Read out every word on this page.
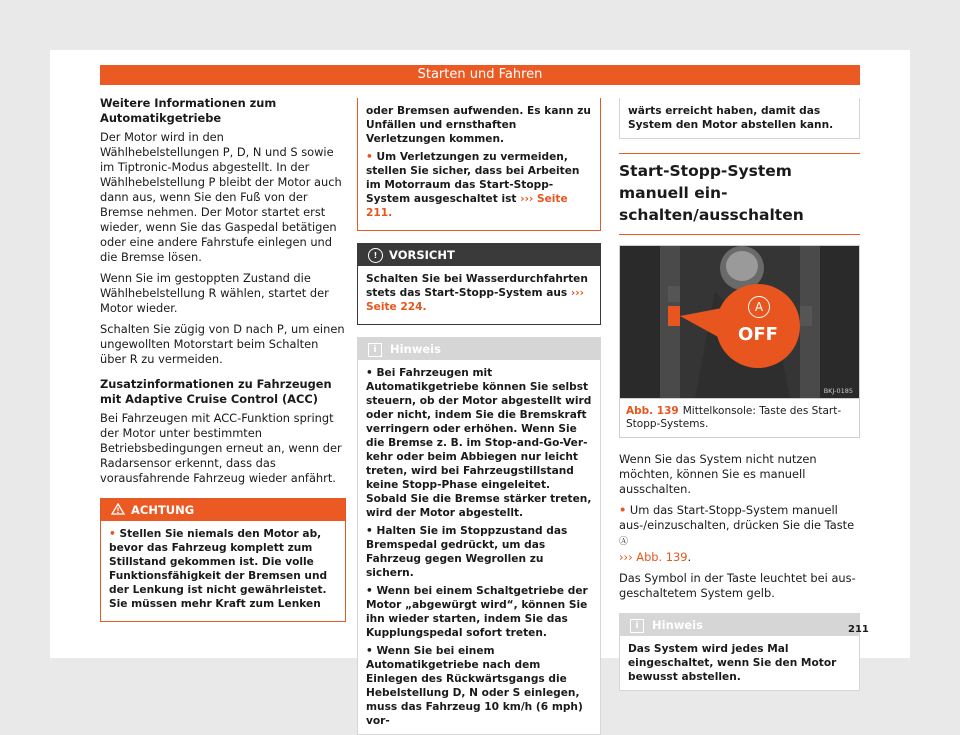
Starten und Fahren
Weitere Informationen zum Automatikgetriebe

Der Motor wird in den Wählhebelstellungen P, D, N und S sowie im Tiptronic-Modus abgestellt. In der Wählhebelstellung P bleibt der Motor auch dann aus, wenn Sie den Fuß von der Bremse nehmen. Der Motor startet erst wieder, wenn Sie das Gaspedal betätigen oder eine andere Fahrstufe einlegen und die Bremse lösen.

Wenn Sie im gestoppten Zustand die Wählhebelstellung R wählen, startet der Motor wieder.

Schalten Sie zügig von D nach P, um einen ungewollten Motorstart beim Schalten über R zu vermeiden.

Zusatzinformationen zu Fahrzeugen mit Adaptive Cruise Control (ACC)

Bei Fahrzeugen mit ACC-Funktion springt der Motor unter bestimmten Betriebsbedingungen erneut an, wenn der Radarsensor erkennt, dass das vorausfahrende Fahrzeug wieder anfährt.

ACHTUNG

• Stellen Sie niemals den Motor ab, bevor das Fahrzeug komplett zum Stillstand gekommen ist. Die volle Funktionsfähigkeit der Bremsen und der Lenkung ist nicht gewährleistet. Sie müssen mehr Kraft zum Lenken

oder Bremsen aufwenden. Es kann zu Unfällen und ernsthaften Verletzungen kommen.

• Um Verletzungen zu vermeiden, stellen Sie sicher, dass bei Arbeiten im Motorraum das Start-Stopp-System ausgeschaltet ist ››› Seite 211.

! VORSICHT

Schalten Sie bei Wasserdurchfahrten stets das Start-Stopp-System aus ››› Seite 224.

i Hinweis

• Bei Fahrzeugen mit Automatikgetriebe können Sie selbst steuern, ob der Motor abgestellt wird oder nicht, indem Sie die Bremskraft verringern oder erhöhen. Wenn Sie die Bremse z. B. im Stop-and-Go-Verkehr oder beim Abbiegen nur leicht treten, wird bei Fahrzeugstillstand keine Stopp-Phase eingeleitet. Sobald Sie die Bremse stärker treten, wird der Motor abgestellt.

• Halten Sie im Stoppzustand das Bremspedal gedrückt, um das Fahrzeug gegen Wegrollen zu sichern.

• Wenn bei einem Schaltgetriebe der Motor „abgewürgt wird“, können Sie ihn wieder starten, indem Sie das Kupplungspedal sofort treten.

• Wenn Sie bei einem Automatikgetriebe nach dem Einlegen des Rückwärtsgangs die Hebelstellung D, N oder S einlegen, muss das Fahrzeug 10 km/h (6 mph) vor-

wärts erreicht haben, damit das System den Motor abstellen kann.

Start-Stopp-System manuell einschalten/ausschalten
A
OFF
BKJ-0185
Abb. 139 Mittelkonsole: Taste des Start-Stopp-Systems.

Wenn Sie das System nicht nutzen möchten, können Sie es manuell ausschalten.

• Um das Start-Stopp-System manuell aus-/einzuschalten, drücken Sie die Taste Ⓐ
››› Abb. 139.

Das Symbol in der Taste leuchtet bei ausgeschaltetem System gelb.

i Hinweis

Das System wird jedes Mal eingeschaltet, wenn Sie den Motor bewusst abstellen.

211
